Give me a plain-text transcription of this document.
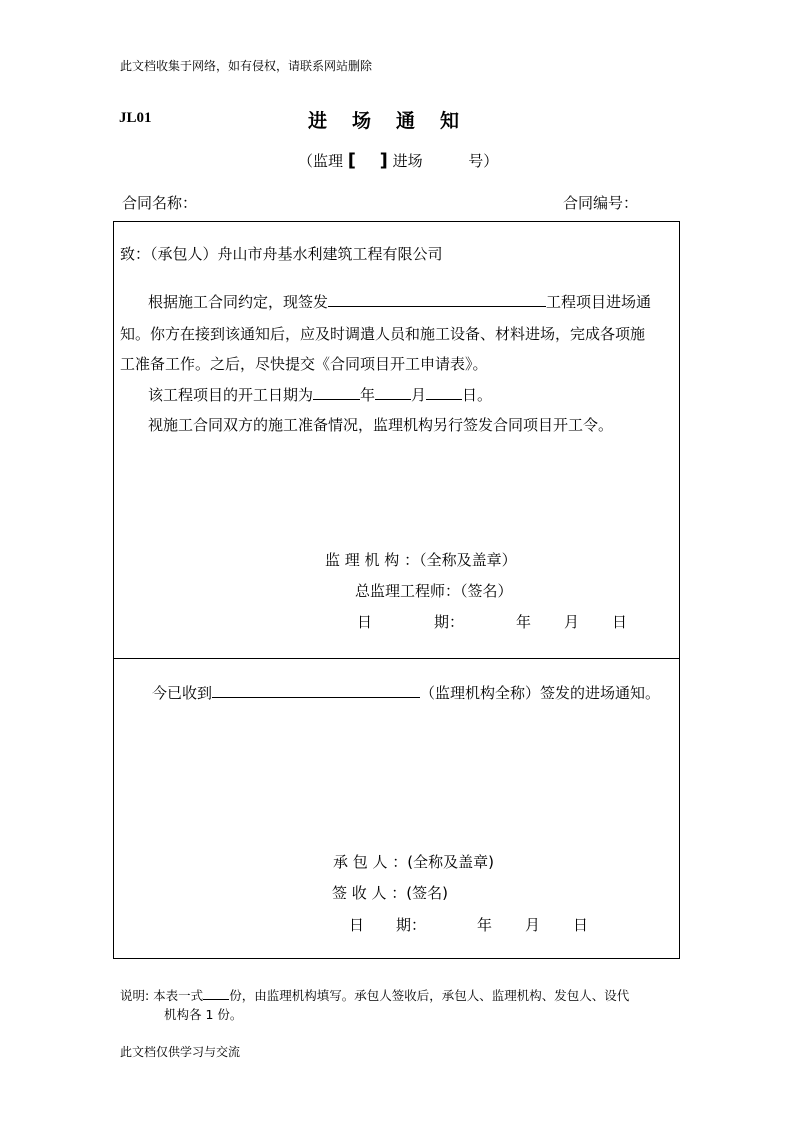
此文档收集于网络，如有侵权，请联系网站删除
JL01	进 场 通 知
（监理 [ ] 进场	号）
合同名称：	合同编号：
致：（承包人）舟山市舟基水利建筑工程有限公司
根据施工合同约定，现签发	工程项目进场通
知。你方在接到该通知后，应及时调遣人员和施工设备、材料进场，完成各项施
工准备工作。之后，尽快提交《合同项目开工申请表》。
该工程项目的开工日期为	年 月 日。
视施工合同双方的施工准备情况，监理机构另行签发合同项目开工令。
监 理 机 构 ：（全称及盖章）
总监理工程师：（签名）
日	期：	年 月 日
今已收到	（监理机构全称）签发的进场通知。
承 包 人 ：(全称及盖章)
签 收 人 ：(签名)
日 期：	年 月 日
说明: 本表一式 份，由监理机构填写。承包人签收后，承包人、监理机构、发包人、设代
机构各 1 份。
此文档仅供学习与交流
